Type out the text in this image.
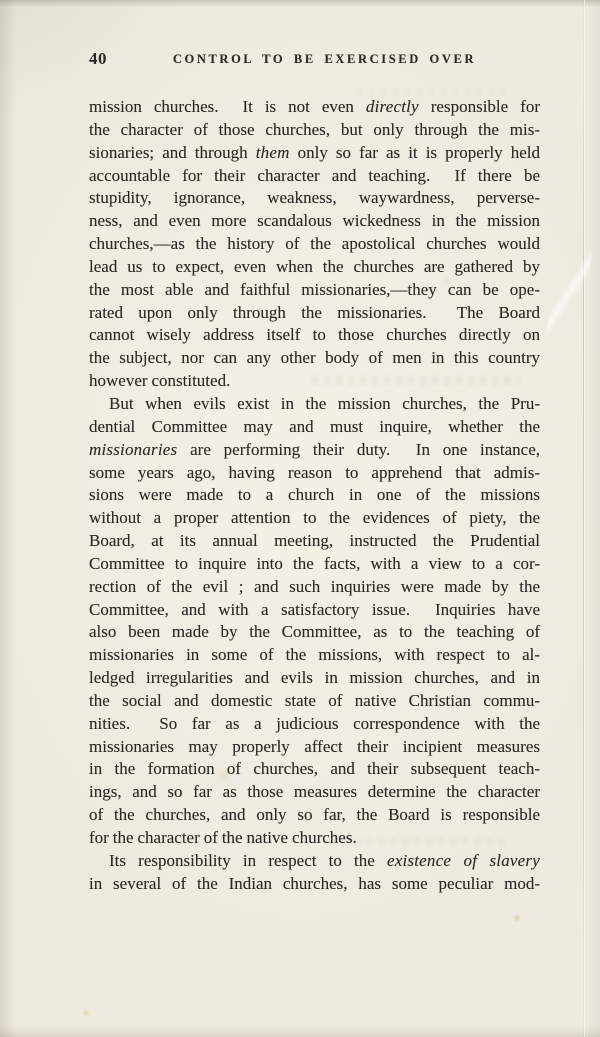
40	CONTROL TO BE EXERCISED OVER
mission churches.  It is not even directly responsible for
the character of those churches, but only through the mis-
sionaries; and through them only so far as it is properly held
accountable for their character and teaching.  If there be
stupidity, ignorance, weakness, waywardness, perverse-
ness, and even more scandalous wickedness in the mission
churches,—as the history of the apostolical churches would
lead us to expect, even when the churches are gathered by
the most able and faithful missionaries,—they can be ope-
rated upon only through the missionaries.  The Board
cannot wisely address itself to those churches directly on
the subject, nor can any other body of men in this country
however constituted.
But when evils exist in the mission churches, the Pru-
dential Committee may and must inquire, whether the
missionaries are performing their duty.  In one instance,
some years ago, having reason to apprehend that admis-
sions were made to a church in one of the missions
without a proper attention to the evidences of piety, the
Board, at its annual meeting, instructed the Prudential
Committee to inquire into the facts, with a view to a cor-
rection of the evil ; and such inquiries were made by the
Committee, and with a satisfactory issue.  Inquiries have
also been made by the Committee, as to the teaching of
missionaries in some of the missions, with respect to al-
ledged irregularities and evils in mission churches, and in
the social and domestic state of native Christian commu-
nities.  So far as a judicious correspondence with the
missionaries may properly affect their incipient measures
in the formation of churches, and their subsequent teach-
ings, and so far as those measures determine the character
of the churches, and only so far, the Board is responsible
for the character of the native churches.
Its responsibility in respect to the existence of slavery
in several of the Indian churches, has some peculiar mod-
